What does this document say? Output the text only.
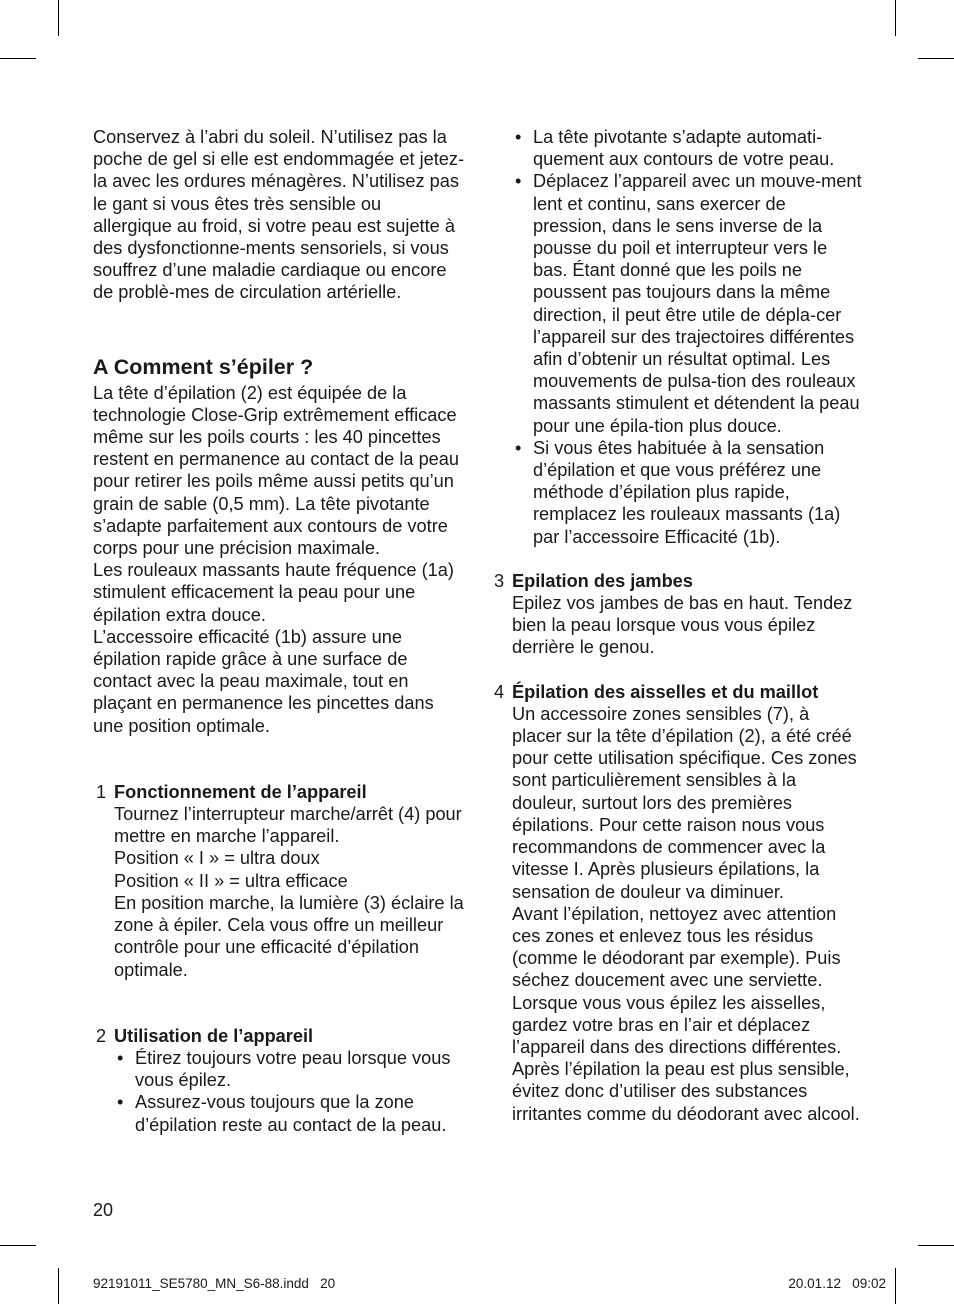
Conservez à l’abri du soleil. N’utilisez pas la poche de gel si elle est endommagée et jetez-la avec les ordures ménagères. N’utilisez pas le gant si vous êtes très sensible ou allergique au froid, si votre peau est sujette à des dysfonctionne-ments sensoriels, si vous souffrez d’une maladie cardiaque ou encore de problè-mes de circulation artérielle.

A Comment s’épiler ?

La tête d’épilation (2) est équipée de la technologie Close-Grip extrêmement efficace même sur les poils courts : les 40 pincettes restent en permanence au contact de la peau pour retirer les poils même aussi petits qu’un grain de sable (0,5 mm). La tête pivotante s’adapte parfaitement aux contours de votre corps pour une précision maximale.

Les rouleaux massants haute fréquence (1a) stimulent efficacement la peau pour une épilation extra douce.

L’accessoire efficacité (1b) assure une épilation rapide grâce à une surface de contact avec la peau maximale, tout en plaçant en permanence les pincettes dans une position optimale.

1 Fonctionnement de l’appareil

Tournez l’interrupteur marche/arrêt (4) pour mettre en marche l’appareil.

Position « I » = ultra doux

Position « II » = ultra efficace

En position marche, la lumière (3) éclaire la zone à épiler. Cela vous offre un meilleur contrôle pour une efficacité d’épilation optimale.

2 Utilisation de l’appareil
• Étirez toujours votre peau lorsque vous vous épilez.
• Assurez-vous toujours que la zone d’épilation reste au contact de la peau.
• La tête pivotante s’adapte automati-quement aux contours de votre peau.
• Déplacez l’appareil avec un mouve-ment lent et continu, sans exercer de pression, dans le sens inverse de la pousse du poil et interrupteur vers le bas. Étant donné que les poils ne poussent pas toujours dans la même direction, il peut être utile de dépla-cer l’appareil sur des trajectoires différentes afin d’obtenir un résultat optimal. Les mouvements de pulsa-tion des rouleaux massants stimulent et détendent la peau pour une épila-tion plus douce.
• Si vous êtes habituée à la sensation d’épilation et que vous préférez une méthode d’épilation plus rapide, remplacez les rouleaux massants (1a) par l’accessoire Efficacité (1b).
3 Epilation des jambes

Epilez vos jambes de bas en haut. Tendez bien la peau lorsque vous vous épilez derrière le genou.

4 Épilation des aisselles et du maillot

Un accessoire zones sensibles (7), à placer sur la tête d’épilation (2), a été créé pour cette utilisation spécifique. Ces zones sont particulièrement sensibles à la douleur, surtout lors des premières épilations. Pour cette raison nous vous recommandons de commencer avec la vitesse I. Après plusieurs épilations, la sensation de douleur va diminuer.

Avant l’épilation, nettoyez avec attention ces zones et enlevez tous les résidus (comme le déodorant par exemple). Puis séchez doucement avec une serviette. Lorsque vous vous épilez les aisselles, gardez votre bras en l’air et déplacez l’appareil dans des directions différentes. Après l’épilation la peau est plus sensible, évitez donc d’utiliser des substances irritantes comme du déodorant avec alcool.

20
92191011_SE5780_MN_S6-88.indd   20	20.01.12   09:02
